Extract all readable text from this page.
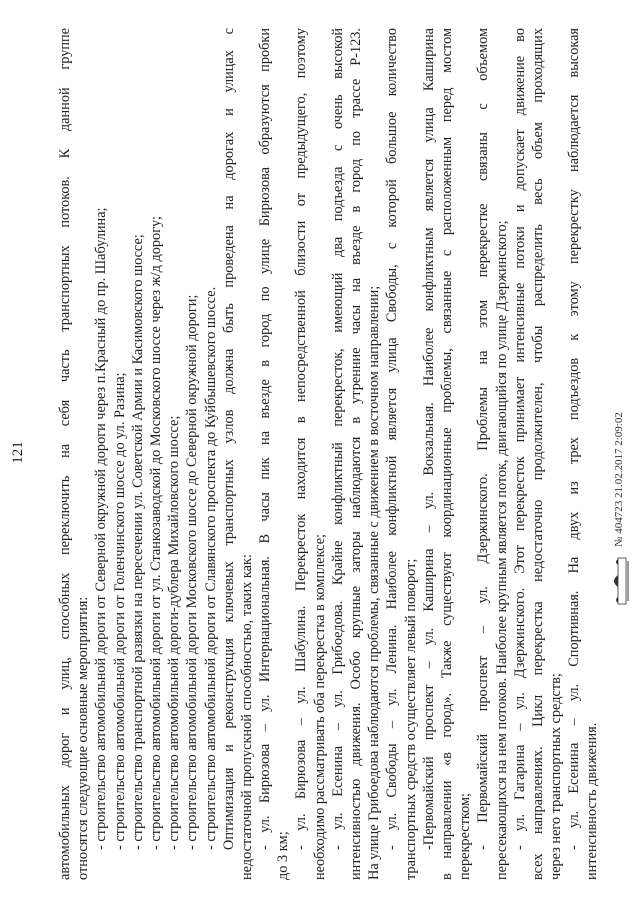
121 автомобильных дорог и улиц, способных переключить на себя часть транспортных потоков. К данной группе относятся следующие основные мероприятия: - строительство автомобильной дороги от Северной окружной дороги через п.Красный до пр. Шабулина; - строительство автомобильной дороги от Голенчинского шоссе до ул. Разина; - строительство транспортной развязки на пересечении ул. Советской Армии и Касимовского шоссе; - строительство автомобильной дороги от ул. Станкозаводской до Московского шоссе через ж/д дорогу; - строительство автомобильной дороги-дублера Михайловского шоссе; - строительство автомобильной дороги Московского шоссе до Северной окружной дороги; - строительство автомобильной дороги от Славянского проспекта до Куйбышевского шоссе. Оптимизация и реконструкция ключевых транспортных узлов должна быть проведена на дорогах и улицах с недостаточной пропускной способностью, таких как: - ул. Бирюзова – ул. Интернациональная. В часы пик на въезде в город по улице Бирюзова образуются пробки
до 3 км;
- ул. Бирюзова – ул. Шабулина. Перекресток находится в непосредственной близости от предыдущего, поэтому необходимо рассматривать оба перекрестка в комплексе; - ул. Есенина – ул. Грибоедова. Крайне конфликтный перекресток, имеющий два подъезда с очень высокой интенсивностью движения. Особо крупные заторы наблюдаются в утренние часы на въезде в город по трассе Р-123. На улице Грибоедова наблюдаются проблемы, связанные с движением в восточном направлении; - ул. Свободы – ул. Ленина. Наиболее конфликтной является улица Свободы, с которой большое количество транспортных средств осуществляет левый поворот; -Первомайский проспект – ул. Каширина – ул. Вокзальная. Наиболее конфликтным является улица Каширина в направлении «в город». Также существуют координационные проблемы, связанные с расположенным перед мостом перекрестком; - Первомайский проспект – ул. Дзержинского. Проблемы на этом перекрестке связаны с объемом пересекающихся на нем потоков. Наиболее крупным является поток, двигающийся по улице Дзержинского; - ул. Гагарина – ул. Дзержинского. Этот перекресток принимает интенсивные потоки и допускает движение во всех направлениях. Цикл перекрестка недостаточно продолжителен, чтобы распределить весь объем проходящих через него транспортных средств; - ул. Есенина – ул. Спортивная. На двух из трех подъездов к этому перекрестку наблюдается высокая интенсивность движения.
№ 404723 21.02.2017 2:09:02
